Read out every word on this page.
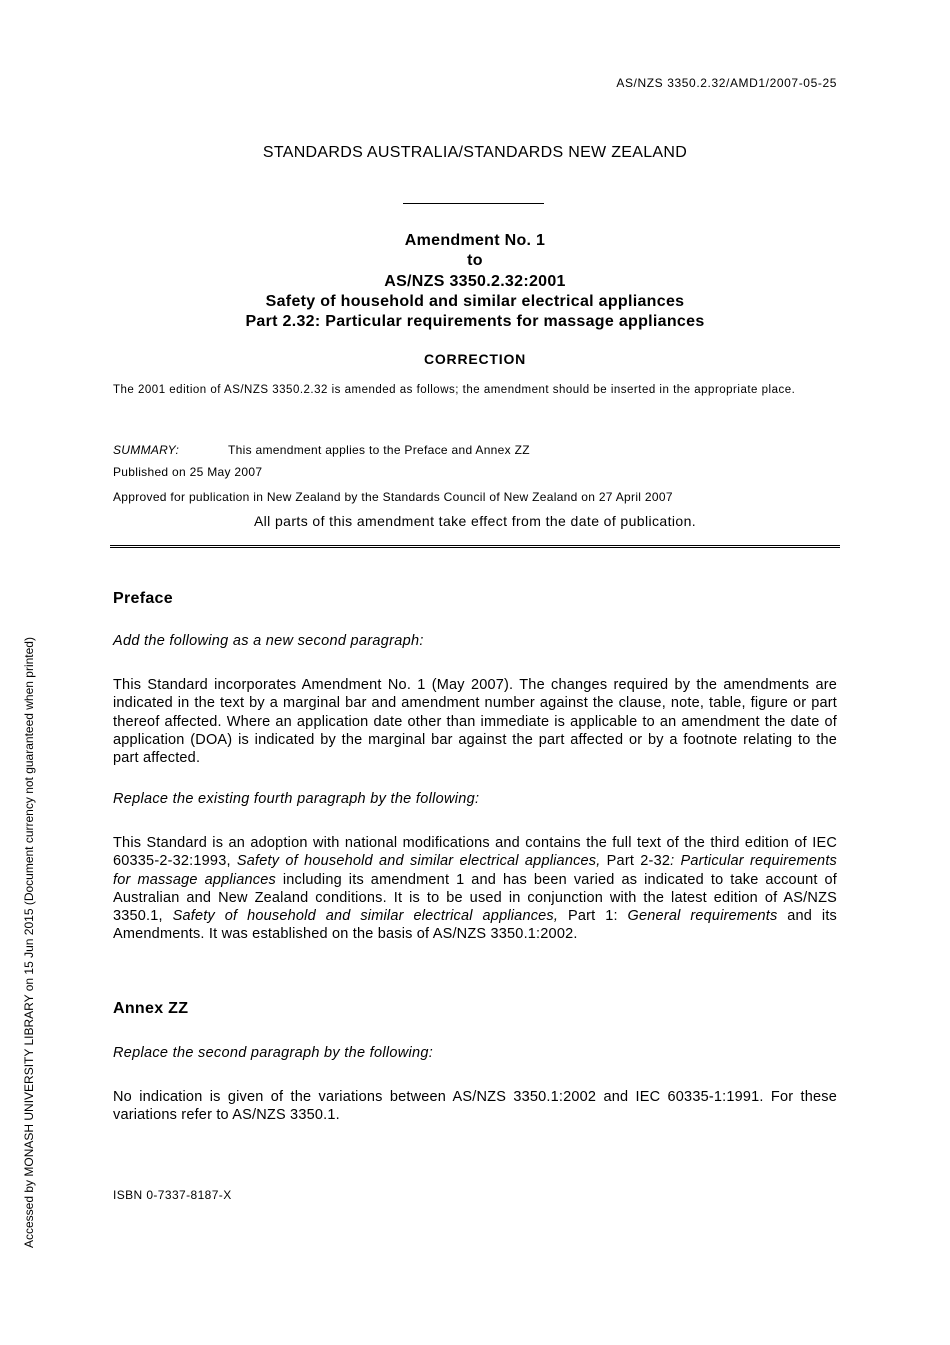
AS/NZS 3350.2.32/AMD1/2007-05-25
STANDARDS AUSTRALIA/STANDARDS NEW ZEALAND
Amendment No. 1
to
AS/NZS 3350.2.32:2001
Safety of household and similar electrical appliances
Part 2.32: Particular requirements for massage appliances
CORRECTION
The 2001 edition of AS/NZS 3350.2.32 is amended as follows; the amendment should be inserted in the appropriate place.
SUMMARY:	This amendment applies to the Preface and Annex ZZ
Published on 25 May 2007
Approved for publication in New Zealand by the Standards Council of New Zealand on 27 April 2007
All parts of this amendment take effect from the date of publication.
Preface
Add the following as a new second paragraph:
This Standard incorporates Amendment No. 1 (May 2007). The changes required by the amendments are indicated in the text by a marginal bar and amendment number against the clause, note, table, figure or part thereof affected. Where an application date other than immediate is applicable to an amendment the date of application (DOA) is indicated by the marginal bar against the part affected or by a footnote relating to the part affected.
Replace the existing fourth paragraph by the following:
This Standard is an adoption with national modifications and contains the full text of the third edition of IEC 60335-2-32:1993, Safety of household and similar electrical appliances, Part 2-32: Particular requirements for massage appliances including its amendment 1 and has been varied as indicated to take account of Australian and New Zealand conditions. It is to be used in conjunction with the latest edition of AS/NZS 3350.1, Safety of household and similar electrical appliances, Part 1: General requirements and its Amendments. It was established on the basis of AS/NZS 3350.1:2002.
Annex ZZ
Replace the second paragraph by the following:
No indication is given of the variations between AS/NZS 3350.1:2002 and IEC 60335-1:1991. For these variations refer to AS/NZS 3350.1.
ISBN 0-7337-8187-X
Accessed by MONASH UNIVERSITY LIBRARY on 15 Jun 2015 (Document currency not guaranteed when printed)
